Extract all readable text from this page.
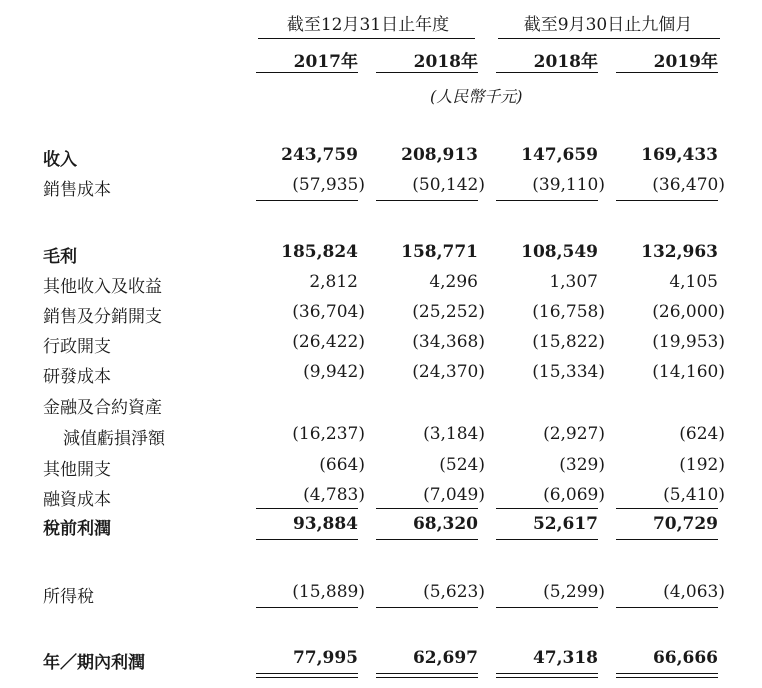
截至12月31日止年度	截至9月30日止九個月
2017年	2018年	2018年	2019年
(人民幣千元)
收入	243,759	208,913	147,659	169,433
銷售成本	(57,935)	(50,142)	(39,110)	(36,470)
毛利	185,824	158,771	108,549	132,963
其他收入及收益	2,812	4,296	1,307	4,105
銷售及分銷開支	(36,704)	(25,252)	(16,758)	(26,000)
行政開支	(26,422)	(34,368)	(15,822)	(19,953)
研發成本	(9,942)	(24,370)	(15,334)	(14,160)
金融及合約資產
減值虧損淨額	(16,237)	(3,184)	(2,927)	(624)
其他開支	(664)	(524)	(329)	(192)
融資成本	(4,783)	(7,049)	(6,069)	(5,410)
稅前利潤	93,884	68,320	52,617	70,729
所得稅	(15,889)	(5,623)	(5,299)	(4,063)
年／期內利潤	77,995	62,697	47,318	66,666
